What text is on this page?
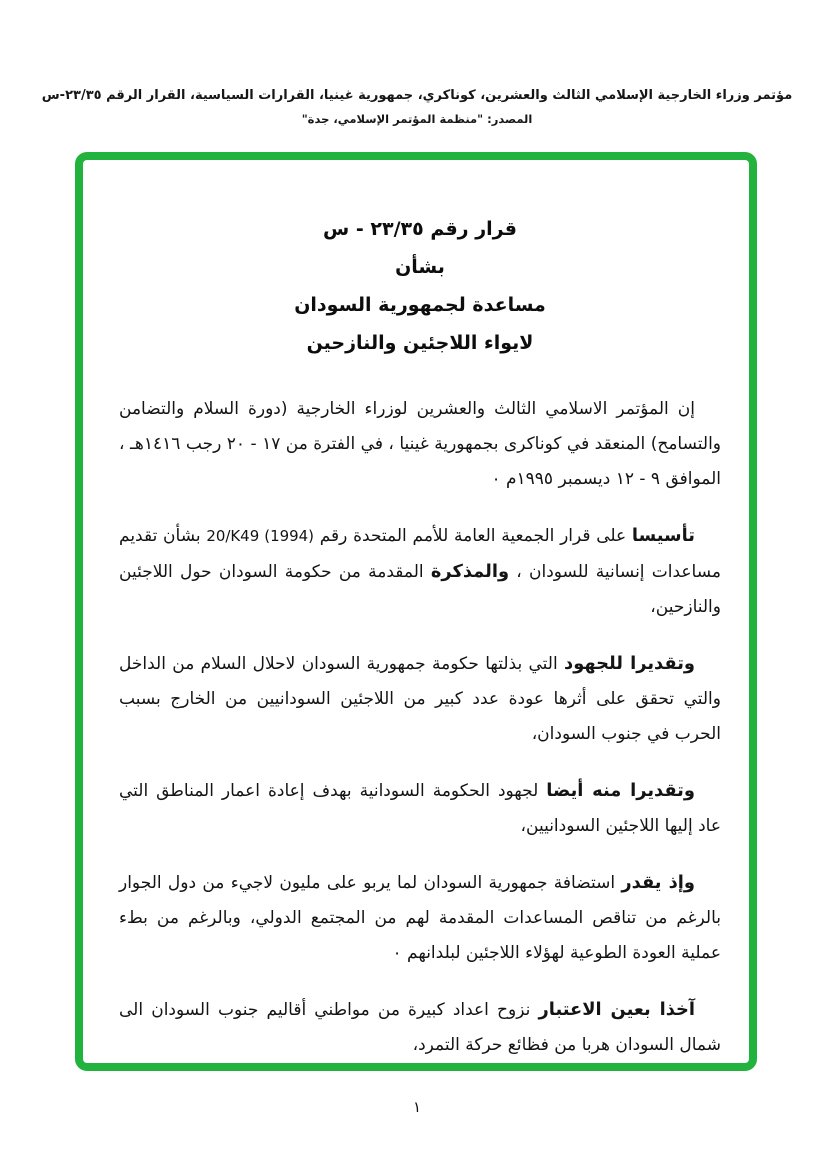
مؤتمر وزراء الخارجية الإسلامي الثالث والعشرين، كوناكري، جمهورية غينيا، القرارات السياسية، القرار الرقم ٢٣/٣٥-س
المصدر: "منظمة المؤتمر الإسلامي، جدة"
قرار رقم ٢٣/٣٥ - س
بشأن
مساعدة لجمهورية السودان
لايواء اللاجئين والنازحين

إن المؤتمر الاسلامي الثالث والعشرين لوزراء الخارجية (دورة السلام والتضامن والتسامح) المنعقد في كوناكرى بجمهورية غينيا ، في الفترة من ١٧ - ٢٠ رجب ١٤١٦هـ ، الموافق ٩ - ١٢ ديسمبر ١٩٩٥م ٠

تأسيسا على قرار الجمعية العامة للأمم المتحدة رقم 20/K49 (1994) بشأن تقديم مساعدات إنسانية للسودان ، والمذكرة المقدمة من حكومة السودان حول اللاجئين والنازحين،

وتقديرا للجهود التي بذلتها حكومة جمهورية السودان لاحلال السلام من الداخل والتي تحقق على أثرها عودة عدد كبير من اللاجئين السودانيين من الخارج بسبب الحرب في جنوب السودان،

وتقديرا منه أيضا لجهود الحكومة السودانية بهدف إعادة اعمار المناطق التي عاد إليها اللاجئين السودانيين،

وإذ يقدر استضافة جمهورية السودان لما يربو على مليون لاجيء من دول الجوار بالرغم من تناقص المساعدات المقدمة لهم من المجتمع الدولي، وبالرغم من بطء عملية العودة الطوعية لهؤلاء اللاجئين لبلدانهم ٠

آخذا بعين الاعتبار نزوح اعداد كبيرة من مواطني أقاليم جنوب السودان الى شمال السودان هربا من فظائع حركة التمرد،

١
